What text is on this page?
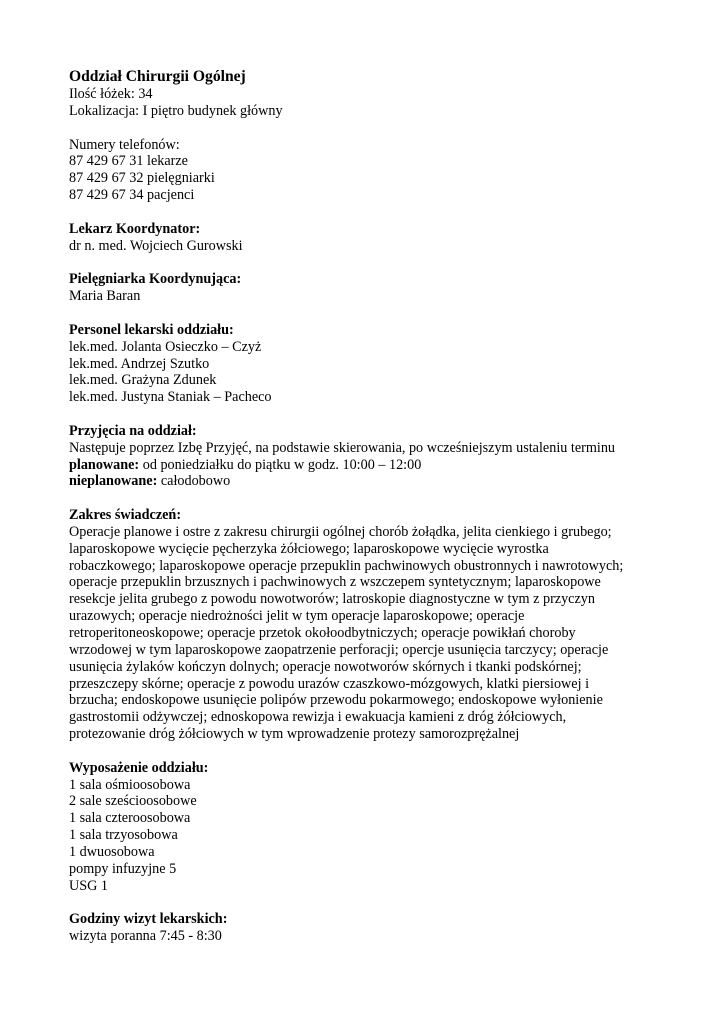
Oddział Chirurgii Ogólnej

Ilość łóżek: 34

Lokalizacja: I piętro budynek główny

Numery telefonów:

87 429 67 31 lekarze

87 429 67 32 pielęgniarki

87 429 67 34 pacjenci

Lekarz Koordynator:

dr n. med. Wojciech Gurowski

Pielęgniarka Koordynująca:

Maria Baran

Personel lekarski oddziału:

lek.med. Jolanta Osieczko – Czyż

lek.med. Andrzej Szutko

lek.med. Grażyna Zdunek

lek.med. Justyna Staniak – Pacheco

Przyjęcia na oddział:

Następuje poprzez Izbę Przyjęć, na podstawie skierowania, po wcześniejszym ustaleniu terminu

planowane: od poniedziałku do piątku w godz. 10:00 – 12:00

nieplanowane: całodobowo

Zakres świadczeń:

Operacje planowe i ostre z zakresu chirurgii ogólnej chorób żołądka, jelita cienkiego i grubego;

laparoskopowe wycięcie pęcherzyka żółciowego; laparoskopowe wycięcie wyrostka

robaczkowego; laparoskopowe operacje przepuklin pachwinowych obustronnych i nawrotowych;

operacje przepuklin brzusznych i pachwinowych z wszczepem syntetycznym; laparoskopowe

resekcje jelita grubego z powodu nowotworów; latroskopie diagnostyczne w tym z przyczyn

urazowych; operacje niedrożności jelit w tym operacje laparoskopowe; operacje

retroperitoneoskopowe; operacje przetok okołoodbytniczych; operacje powikłań choroby

wrzodowej w tym laparoskopowe zaopatrzenie perforacji; opercje usunięcia tarczycy; operacje

usunięcia żylaków kończyn dolnych; operacje nowotworów skórnych i tkanki podskórnej;

przeszczepy skórne; operacje z powodu urazów czaszkowo-mózgowych, klatki piersiowej i

brzucha; endoskopowe usunięcie polipów przewodu pokarmowego; endoskopowe wyłonienie

gastrostomii odżywczej; ednoskopowa rewizja i ewakuacja kamieni z dróg żółciowych,

protezowanie dróg żółciowych w tym wprowadzenie protezy samorozprężalnej

Wyposażenie oddziału:

1 sala ośmioosobowa

2 sale sześcioosobowe

1 sala czteroosobowa

1 sala trzyosobowa

1 dwuosobowa

pompy infuzyjne 5

USG 1

Godziny wizyt lekarskich:

wizyta poranna 7:45 - 8:30
